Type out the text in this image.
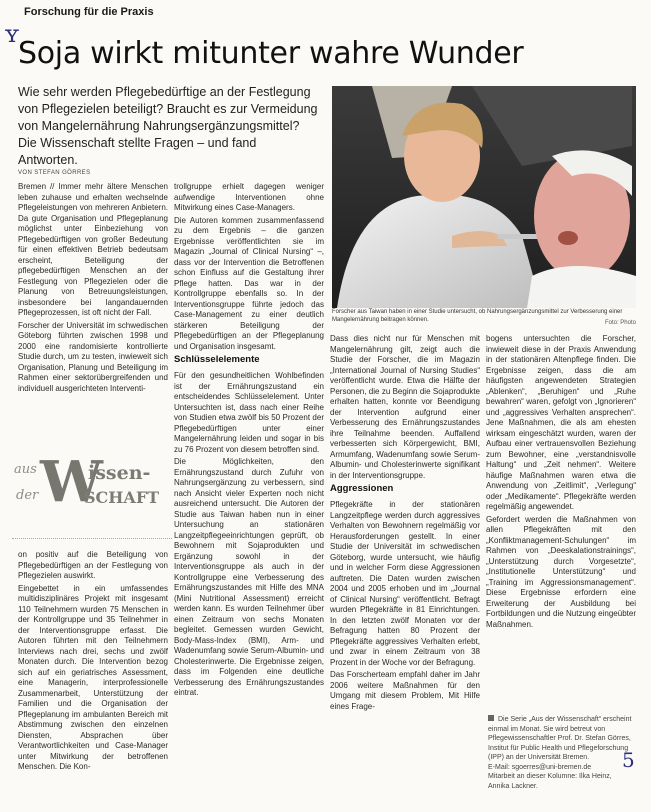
Forschung für die Praxis
ʏ
Soja wirkt mitunter wahre Wunder

Wie sehr werden Pflegebedürftige an der Festlegung von Pflegezielen beteiligt? Braucht es zur Vermeidung von Mangelernährung Nahrungsergänzungsmittel? Die Wissenschaft stellte Fragen – und fand Antworten.

Forscher aus Taiwan haben in einer Studie untersucht, ob Nahrungsergänzungsmittel zur Verbesserung einer Mangelernährung beitragen können.	Foto: Photo
VON STEFAN GÖRRES

Bremen // Immer mehr ältere Menschen leben zuhause und erhalten wechselnde Pflegeleistungen von mehreren Anbietern. Da gute Organisation und Pflegeplanung möglichst unter Einbeziehung von Pflegebedürftigen von großer Bedeutung für einen effektiven Betrieb bedeutsam erscheint, Beteiligung der pflegebedürftigen Menschen an der Festlegung von Pflegezielen oder die Planung von Betreuungsleistungen, insbesondere bei langandauernden Pflegeprozessen, ist oft nicht der Fall.

Forscher der Universität im schwedischen Göteborg führten zwischen 1998 und 2000 eine randomisierte kontrollierte Studie durch, um zu testen, inwieweit sich Organisation, Planung und Beteiligung im Rahmen einer sektorübergreifenden und individuell ausgerichteten Interventi-

aus W
issen-
der	SCHAFT

on positiv auf die Beteiligung von Pflegebedürftigen an der Festlegung von Pflegezielen auswirkt.

Eingebettet in ein umfassendes multidisziplinäres Projekt mit insgesamt 110 Teilnehmern wurden 75 Menschen in der Kontrollgruppe und 35 Teilnehmer in der Interventionsgruppe erfasst. Die Autoren führten mit den Teilnehmern Interviews nach drei, sechs und zwölf Monaten durch. Die Intervention bezog sich auf ein geriatrisches Assessment, eine Managerin, interprofessionelle Zusammenarbeit, Unterstützung der Familien und die Organisation der Pflegeplanung im ambulanten Bereich mit Abstimmung zwischen den einzelnen Diensten, Absprachen über Verantwortlichkeiten und Case-Manager unter Mitwirkung der betroffenen Menschen. Die Kon-

trollgruppe erhielt dagegen weniger aufwendige Interventionen ohne Mitwirkung eines Case-Managers.

Die Autoren kommen zusammenfassend zu dem Ergebnis – die ganzen Ergebnisse veröffentlichten sie im Magazin „Journal of Clinical Nursing“ –, dass vor der Intervention die Betroffenen schon Einfluss auf die Gestaltung ihrer Pflege hatten. Das war in der Kontrollgruppe ebenfalls so. In der Interventionsgruppe führte jedoch das Case-Management zu einer deutlich stärkeren Beteiligung der Pflegebedürftigen an der Pflegeplanung und Organisation insgesamt.

Schlüsselelemente

Für den gesundheitlichen Wohlbefinden ist der Ernährungszustand ein entscheidendes Schlüsselelement. Unter Untersuchten ist, dass nach einer Reihe von Studien etwa zwölf bis 50 Prozent der Pflegebedürftigen unter einer Mangelernährung leiden und sogar in bis zu 76 Prozent von diesem betroffen sind.

Die Möglichkeiten, den Ernährungszustand durch Zufuhr von Nahrungsergänzung zu verbessern, sind nach Ansicht vieler Experten noch nicht ausreichend untersucht. Die Autoren der Studie aus Taiwan haben nun in einer Untersuchung an stationären Langzeitpflegeeinrichtungen geprüft, ob Bewohnern mit Sojaprodukten und Ergänzung sowohl in der Interventionsgruppe als auch in der Kontrollgruppe eine Verbesserung des Ernährungszustandes mit Hilfe des MNA (Mini Nutritional Assessment) erreicht werden kann. Es wurden Teilnehmer über einen Zeitraum von sechs Monaten begleitet. Gemessen wurden Gewicht, Body-Mass-Index (BMI), Arm- und Wadenumfang sowie Serum-Albumin- und Cholesterinwerte. Die Ergebnisse zeigen, dass im Folgenden eine deutliche Verbesserung des Ernährungszustandes eintrat.

Dass dies nicht nur für Menschen mit Mangelernährung gilt, zeigt auch die Studie der Forscher, die im Magazin „International Journal of Nursing Studies“ veröffentlicht wurde. Etwa die Hälfte der Personen, die zu Beginn die Sojaprodukte erhalten hatten, konnte vor Beendigung der Intervention aufgrund einer Verbesserung des Ernährungszustandes ihre Teilnahme beenden. Auffallend verbesserten sich Körpergewicht, BMI, Armumfang, Wadenumfang sowie Serum-Albumin- und Cholesterinwerte signifikant in der Interventionsgruppe.

Aggressionen

Pflegekräfte in der stationären Langzeitpflege werden durch aggressives Verhalten von Bewohnern regelmäßig vor Herausforderungen gestellt. In einer Studie der Universität im schwedischen Göteborg, wurde untersucht, wie häufig und in welcher Form diese Aggressionen auftreten. Die Daten wurden zwischen 2004 und 2005 erhoben und im „Journal of Clinical Nursing“ veröffentlicht. Befragt wurden Pflegekräfte in 81 Einrichtungen. In den letzten zwölf Monaten vor der Befragung hatten 80 Prozent der Pflegekräfte aggressives Verhalten erlebt, und zwar in einem Zeitraum von 38 Prozent in der Woche vor der Befragung.

Das Forscherteam empfahl daher im Jahr 2006 weitere Maßnahmen für den Umgang mit diesem Problem, Mit Hilfe eines Frage-

bogens untersuchten die Forscher, inwieweit diese in der Praxis Anwendung in der stationären Altenpflege finden. Die Ergebnisse zeigen, dass die am häufigsten angewendeten Strategien „Ablenken“, „Beruhigen“ und „Ruhe bewahren“ waren, gefolgt von „Ignorieren“ und „aggressives Verhalten ansprechen“. Jene Maßnahmen, die als am ehesten wirksam eingeschätzt wurden, waren der Aufbau einer vertrauensvollen Beziehung zum Bewohner, eine „verstandnisvolle Haltung“ und „Zeit nehmen“. Weitere häufige Maßnahmen waren etwa die Anwendung von „Zeitlimit“, „Verlegung“ oder „Medikamente“. Pflegekräfte werden regelmäßig angewendet.

Gefordert werden die Maßnahmen von allen Pflegekräften mit den „Konfliktmanagement-Schulungen“ im Rahmen von „Deeskalationstrainings“, „Unterstützung durch Vorgesetzte“, „Institutionelle Unterstützung“ und „Training im Aggressionsmanagement“. Diese Ergebnisse erfordern eine Erweiterung der Ausbildung bei Fortbildungen und die Nutzung eingeübter Maßnahmen.

Die Serie „Aus der Wissenschaft“ erscheint einmal im Monat. Sie wird betreut von Pflegewissenschaftler Prof. Dr. Stefan Görres, Institut für Public Health und Pflegeforschung (IPP) an der Universität Bremen.
E-Mail: sgoerres@uni-bremen.de
Mitarbeit an dieser Kolumne: Ilka Heinz, Annika Lackner.
5
